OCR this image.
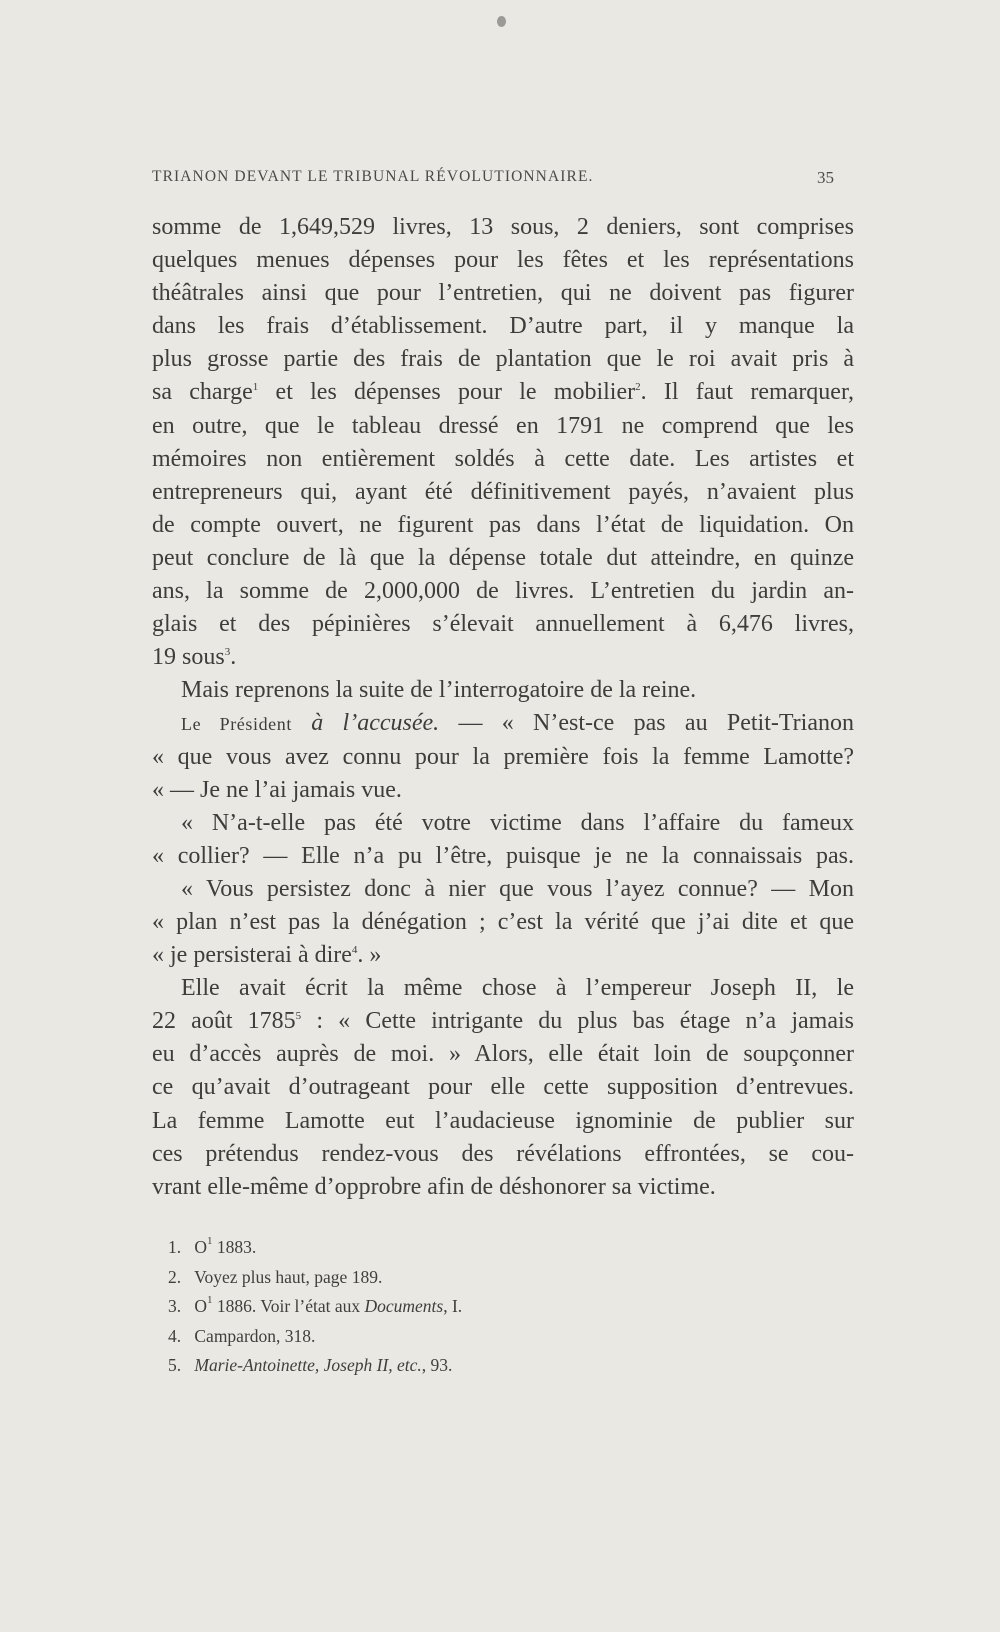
TRIANON DEVANT LE TRIBUNAL RÉVOLUTIONNAIRE.	35
somme de 1,649,529 livres, 13 sous, 2 deniers, sont comprises
quelques menues dépenses pour les fêtes et les représentations
théâtrales ainsi que pour l’entretien, qui ne doivent pas figurer
dans les frais d’établissement. D’autre part, il y manque la
plus grosse partie des frais de plantation que le roi avait pris à
sa charge$^1$ et les dépenses pour le mobilier$^2$. Il faut remarquer,
en outre, que le tableau dressé en 1791 ne comprend que les
mémoires non entièrement soldés à cette date. Les artistes et
entrepreneurs qui, ayant été définitivement payés, n’avaient plus
de compte ouvert, ne figurent pas dans l’état de liquidation. On
peut conclure de là que la dépense totale dut atteindre, en quinze
ans, la somme de 2,000,000 de livres. L’entretien du jardin an-
glais et des pépinières s’élevait annuellement à 6,476 livres,
19 sous$^3$.
Mais reprenons la suite de l’interrogatoire de la reine.
Le Président à l’accusée. — « N’est-ce pas au Petit-Trianon
« que vous avez connu pour la première fois la femme Lamotte?
« — Je ne l’ai jamais vue.
« N’a-t-elle pas été votre victime dans l’affaire du fameux
« collier? — Elle n’a pu l’être, puisque je ne la connaissais pas.
« Vous persistez donc à nier que vous l’ayez connue? — Mon
« plan n’est pas la dénégation ; c’est la vérité que j’ai dite et que
« je persisterai à dire$^4$. »
Elle avait écrit la même chose à l’empereur Joseph II, le
22 août 1785$^5$ : « Cette intrigante du plus bas étage n’a jamais
eu d’accès auprès de moi. » Alors, elle était loin de soupçonner
ce qu’avait d’outrageant pour elle cette supposition d’entrevues.
La femme Lamotte eut l’audacieuse ignominie de publier sur
ces prétendus rendez-vous des révélations effrontées, se cou-
vrant elle-même d’opprobre afin de déshonorer sa victime.
1. $O^1$ 1883.
2. Voyez plus haut, page 189.
3. $O^1$ 1886. Voir l’état aux Documents, I.
4. Campardon, 318.
5. Marie-Antoinette, Joseph II, etc., 93.
